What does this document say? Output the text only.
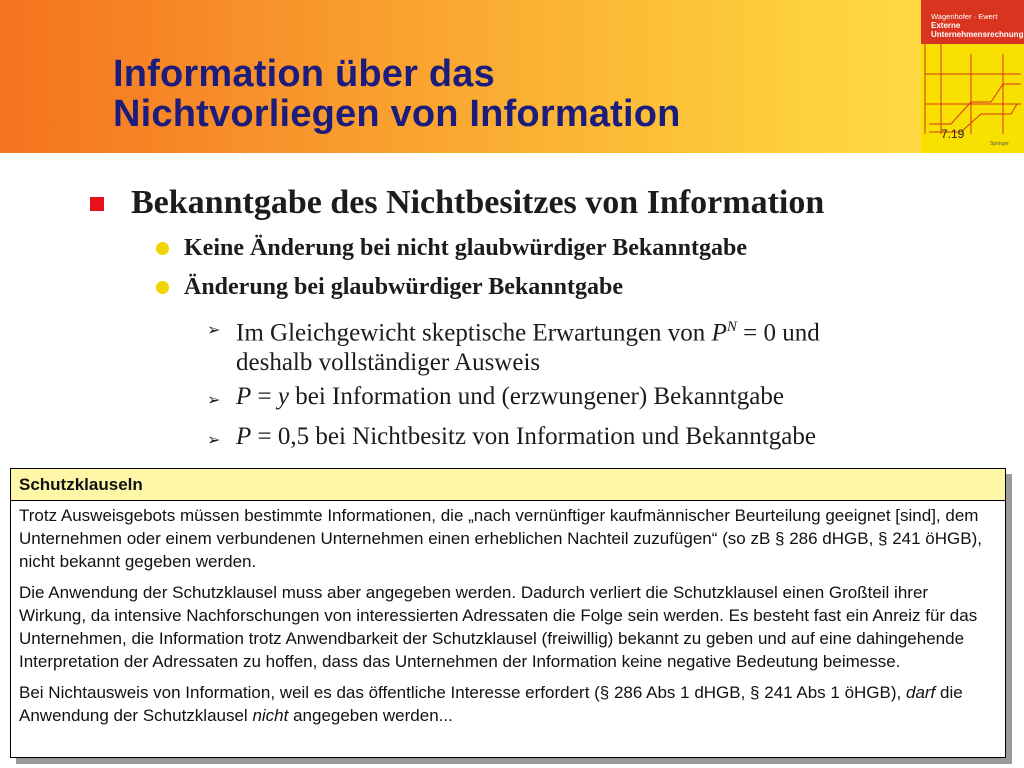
Information über das
Nichtvorliegen von Information
Wagenhofer · Ewert
Externe
Unternehmensrechnung
7.19
Springer
Bekanntgabe des Nichtbesitzes von Information
Keine Änderung bei nicht glaubwürdiger Bekanntgabe
Änderung bei glaubwürdiger Bekanntgabe
➢ Im Gleichgewicht skeptische Erwartungen von $P^N = 0$ und
deshalb vollständiger Ausweis
➢ P = y bei Information und (erzwungener) Bekanntgabe
➢ P = 0,5 bei Nichtbesitz von Information und Bekanntgabe
Schutzklauseln

Trotz Ausweisgebots müssen bestimmte Informationen, die „nach vernünftiger kaufmännischer Beurteilung geeignet [sind], dem Unternehmen oder einem verbundenen Unternehmen einen erheblichen Nachteil zuzufügen“ (so zB § 286 dHGB, § 241 öHGB), nicht bekannt gegeben werden.

Die Anwendung der Schutzklausel muss aber angegeben werden. Dadurch verliert die Schutzklausel einen Großteil ihrer Wirkung, da intensive Nachforschungen von interessierten Adressaten die Folge sein werden. Es besteht fast ein Anreiz für das Unternehmen, die Information trotz Anwendbarkeit der Schutzklausel (freiwillig) bekannt zu geben und auf eine dahingehende Interpretation der Adressaten zu hoffen, dass das Unternehmen der Information keine negative Bedeutung beimesse.

Bei Nichtausweis von Information, weil es das öffentliche Interesse erfordert (§ 286 Abs 1 dHGB, § 241 Abs 1 öHGB), darf die Anwendung der Schutzklausel nicht angegeben werden...
